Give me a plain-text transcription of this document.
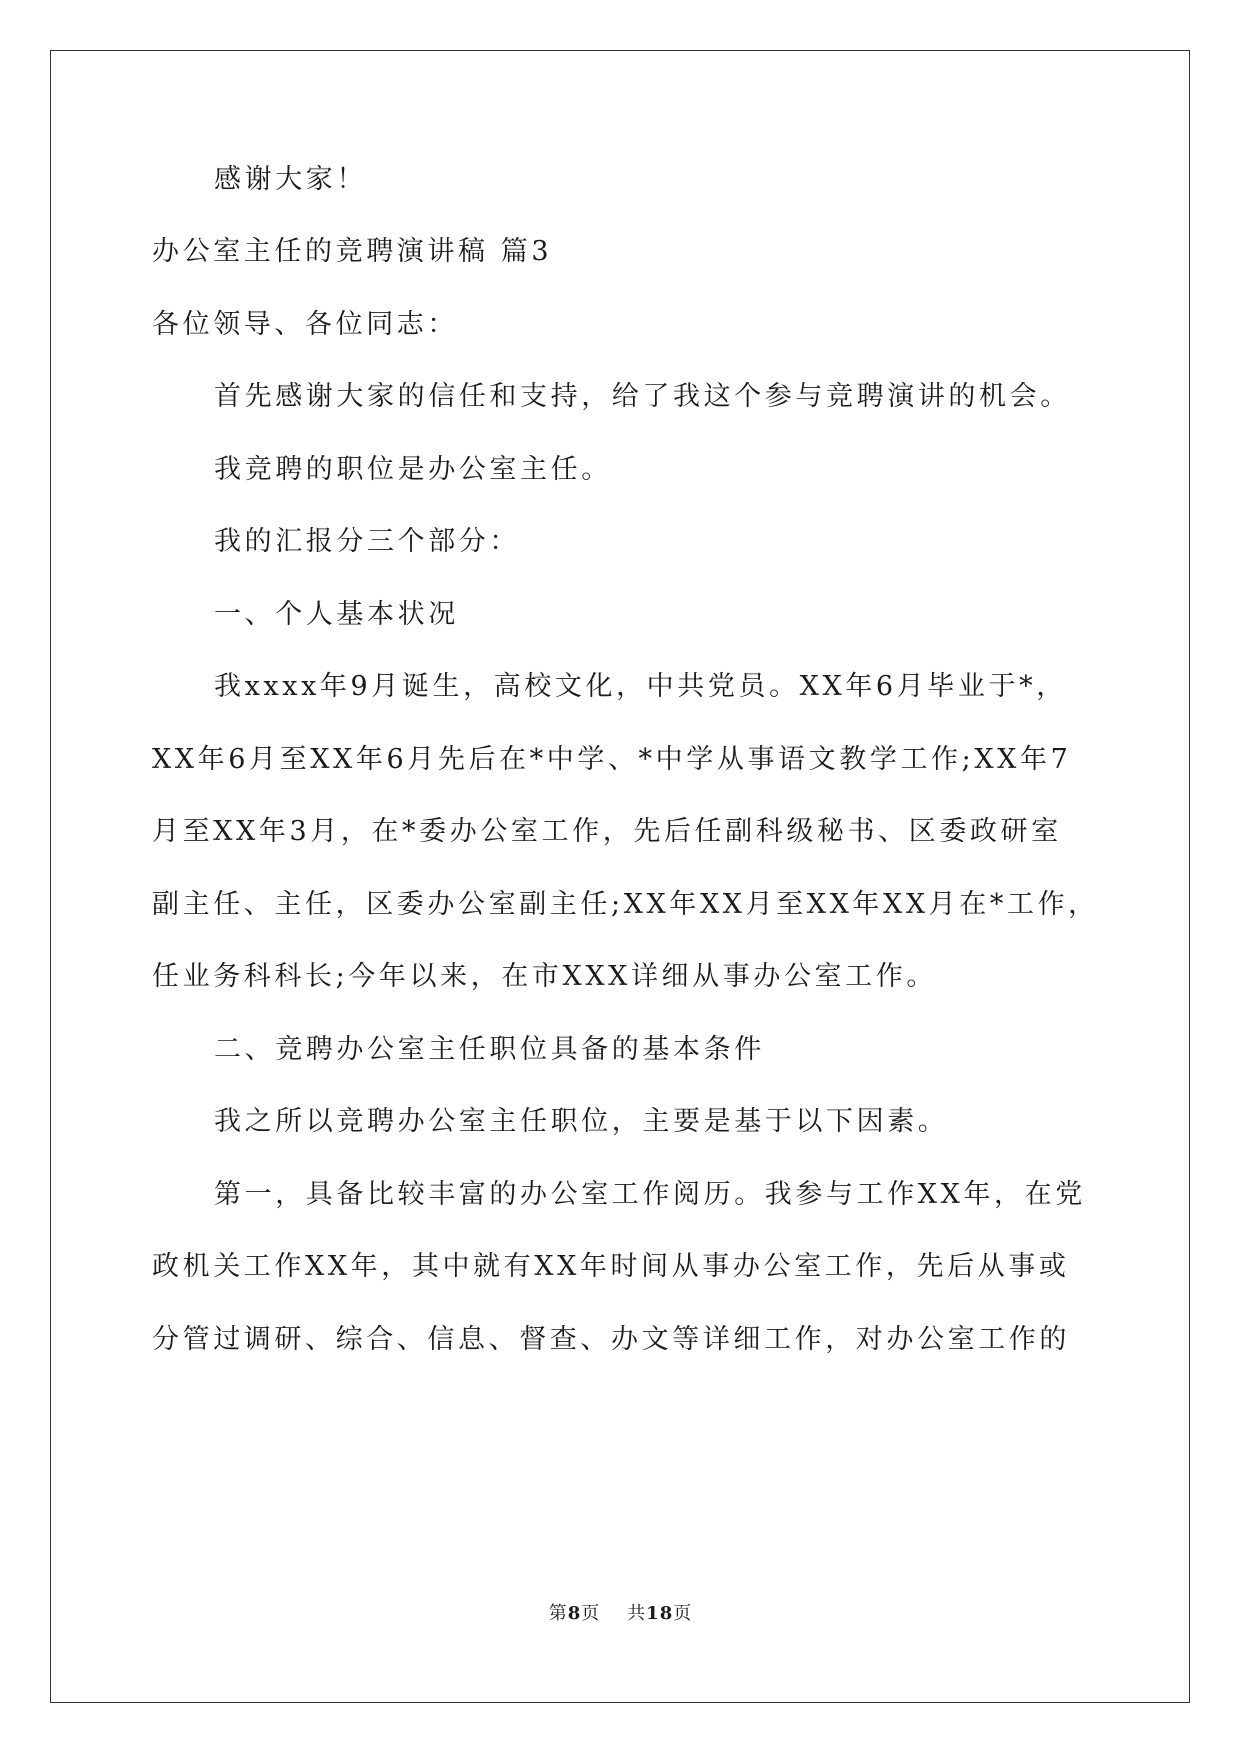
感谢大家！
办公室主任的竞聘演讲稿 篇3
各位领导、各位同志：
首先感谢大家的信任和支持，给了我这个参与竞聘演讲的机会。
我竞聘的职位是办公室主任。
我的汇报分三个部分：
一、个人基本状况
我xxxx年9月诞生，高校文化，中共党员。XX年6月毕业于*，
XX年6月至XX年6月先后在*中学、*中学从事语文教学工作;XX年7
月至XX年3月，在*委办公室工作，先后任副科级秘书、区委政研室
副主任、主任，区委办公室副主任;XX年XX月至XX年XX月在*工作，
任业务科科长;今年以来，在市XXX详细从事办公室工作。
二、竞聘办公室主任职位具备的基本条件
我之所以竞聘办公室主任职位，主要是基于以下因素。
第一，具备比较丰富的办公室工作阅历。我参与工作XX年，在党
政机关工作XX年，其中就有XX年时间从事办公室工作，先后从事或
分管过调研、综合、信息、督查、办文等详细工作，对办公室工作的
第8页 共18页
